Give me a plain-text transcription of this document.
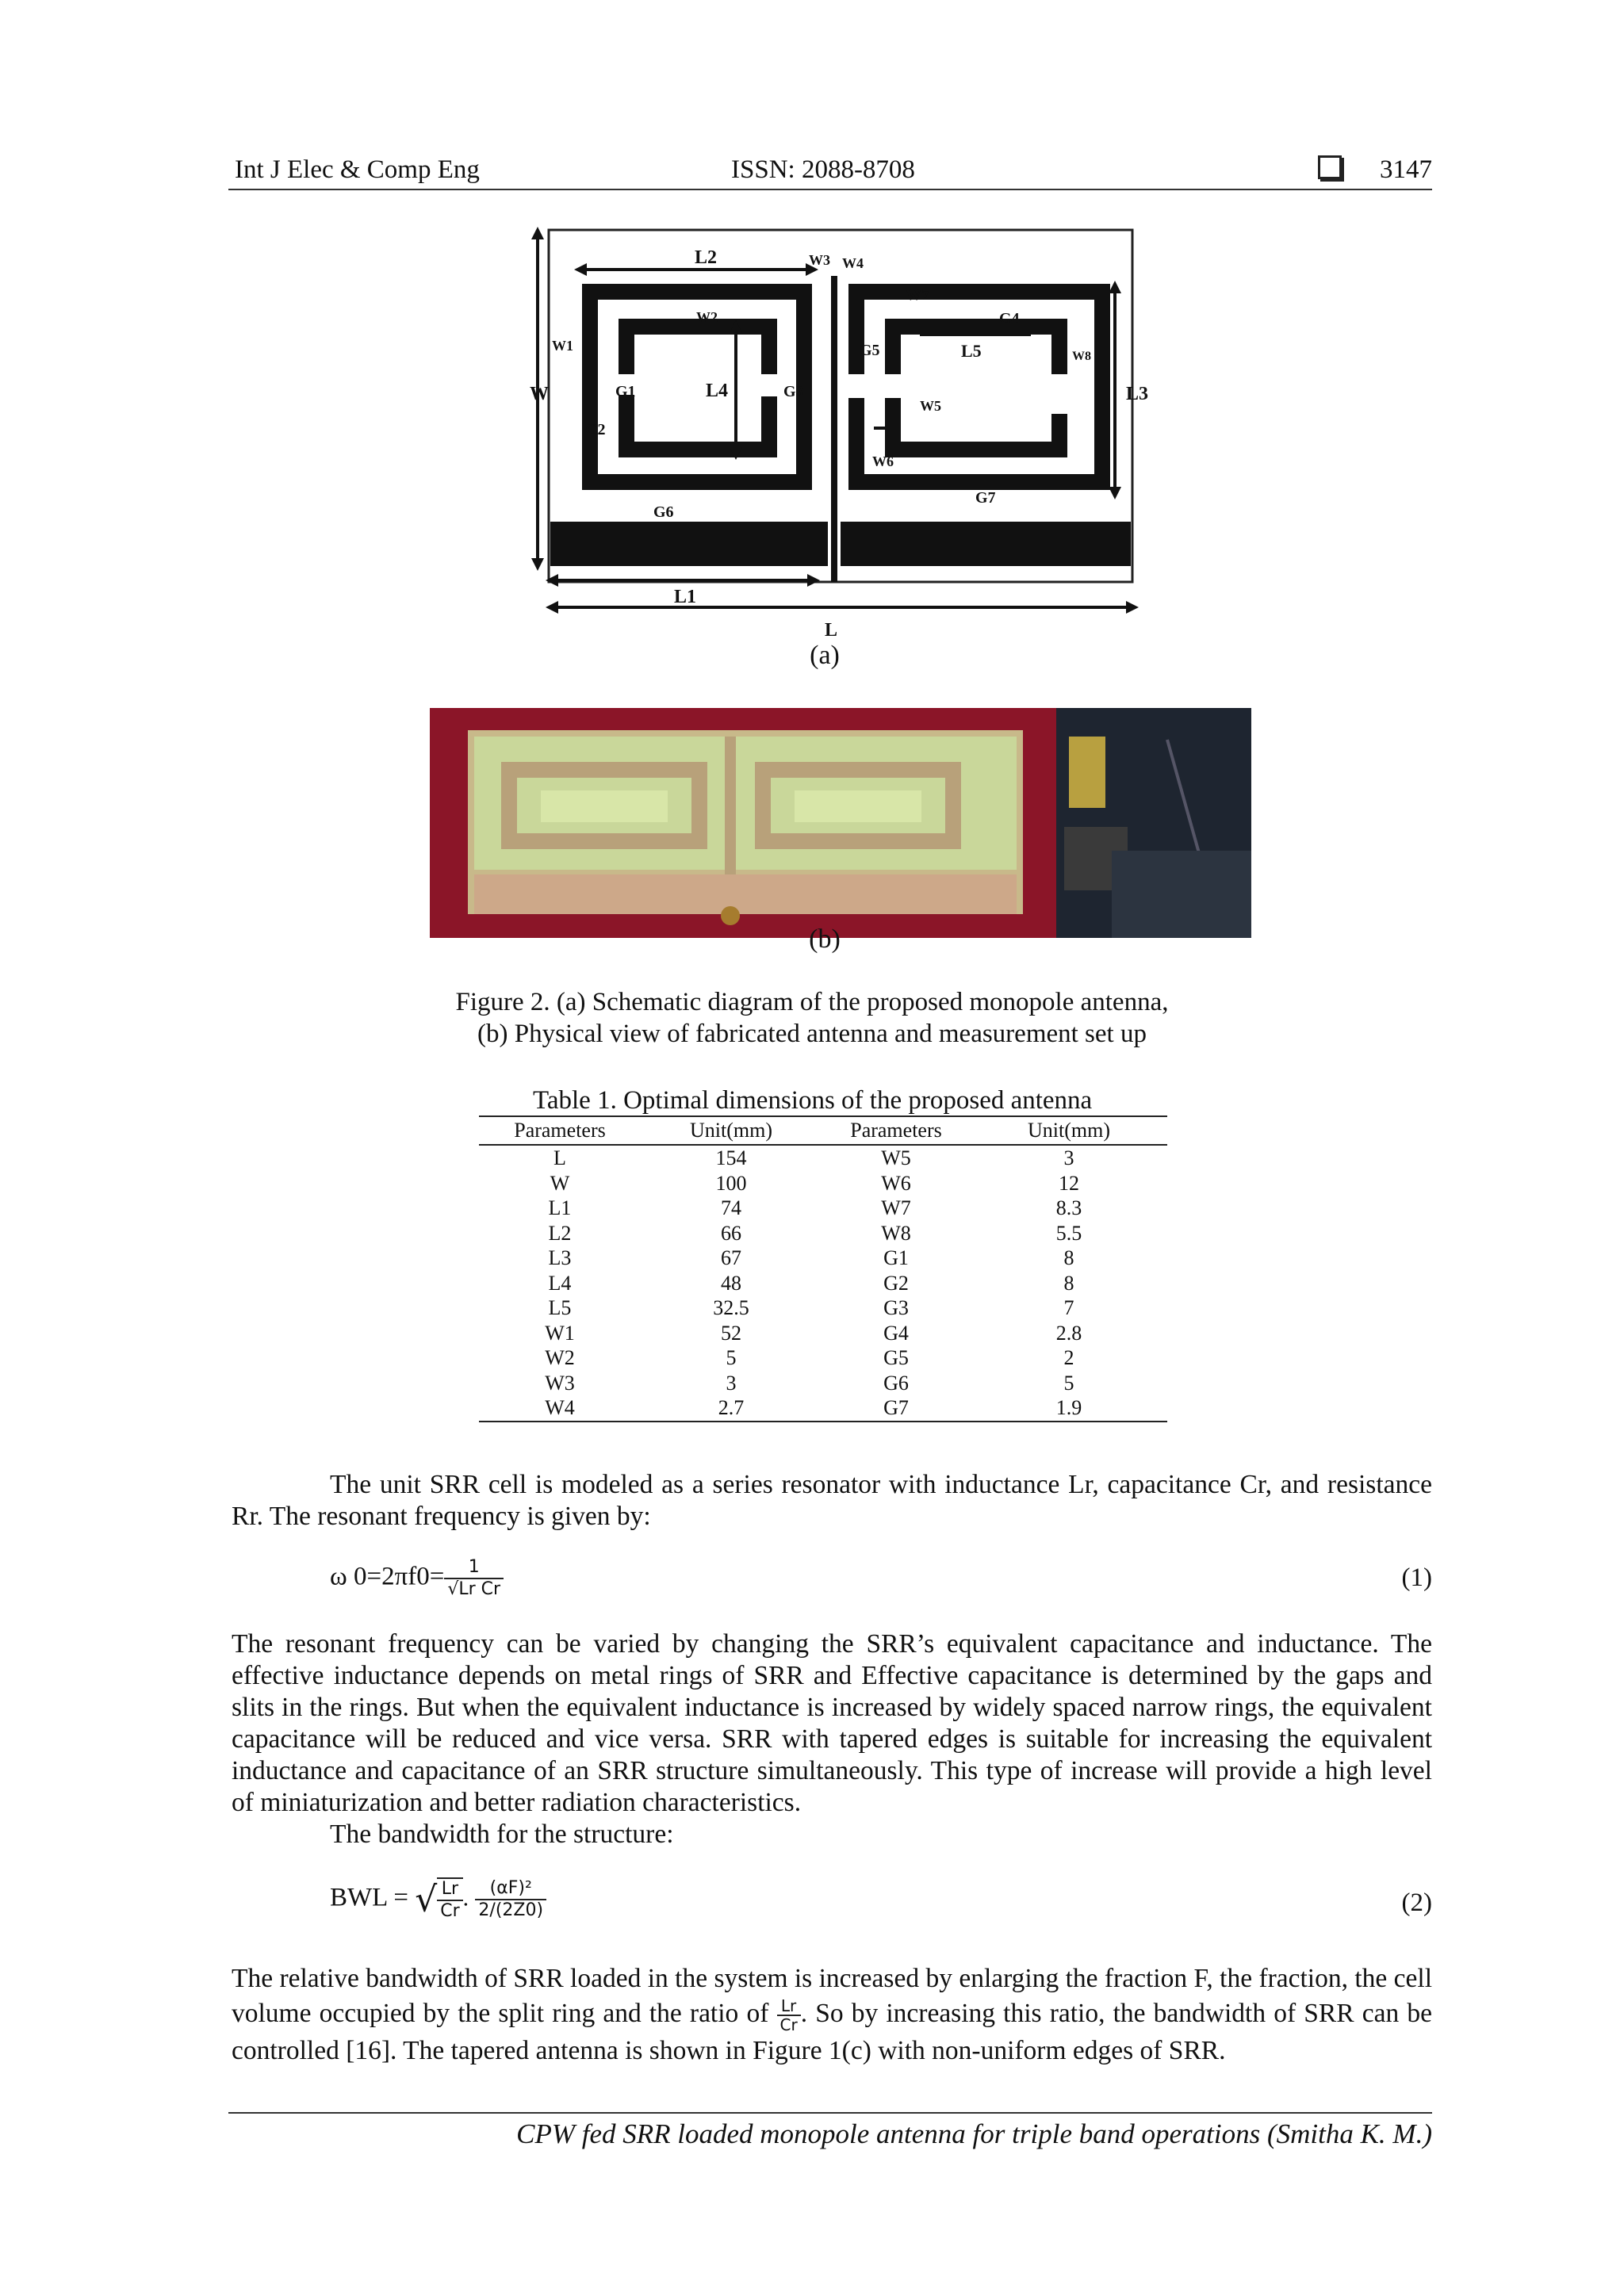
Int J Elec & Comp Eng	ISSN: 2088-8708	3147
W
L2
L3
L4
L5
L1
L
W1
W2
W3 W4
W5
W6
W7
W8
G1
G2
G3
G4
G5
G6
G7
(a)
(b)
Figure 2. (a) Schematic diagram of the proposed monopole antenna,
(b) Physical view of fabricated antenna and measurement set up
Table 1. Optimal dimensions of the proposed antenna
Parameters	Unit(mm)	Parameters	Unit(mm)
L	154	W5	3
W	100	W6	12
L1	74	W7	8.3
L2	66	W8	5.5
L3	67	G1	8
L4	48	G2	8
L5	32.5	G3	7
W1	52	G4	2.8
W2	5	G5	2
W3	3	G6	5
W4	2.7	G7	1.9
The unit SRR cell is modeled as a series resonator with inductance Lr, capacitance Cr, and resistance Rr. The resonant frequency is given by:
ω $0=2\pi f0= \frac{1}{\text{√Lr Cr}}$	(1)
The resonant frequency can be varied by changing the SRR’s equivalent capacitance and inductance. The effective inductance depends on metal rings of SRR and Effective capacitance is determined by the gaps and slits in the rings. But when the equivalent inductance is increased by widely spaced narrow rings, the equivalent capacitance will be reduced and vice versa. SRR with tapered edges is suitable for increasing the equivalent inductance and capacitance of an SRR structure simultaneously. This type of increase will provide a high level of miniaturization and better radiation characteristics.
The bandwidth for the structure:
BWL = √ $\frac{Lr}{Cr}$ . $\frac{\text{(αF)²}}{2/(2Z0)}$	(2)
The relative bandwidth of SRR loaded in the system is increased by enlarging the fraction F, the fraction, the cell volume occupied by the split ring and the ratio of $\frac{Lr}{Cr}$ . So by increasing this ratio, the bandwidth of SRR can be controlled [16]. The tapered antenna is shown in Figure 1(c) with non-uniform edges of SRR.
CPW fed SRR loaded monopole antenna for triple band operations (Smitha K. M.)
